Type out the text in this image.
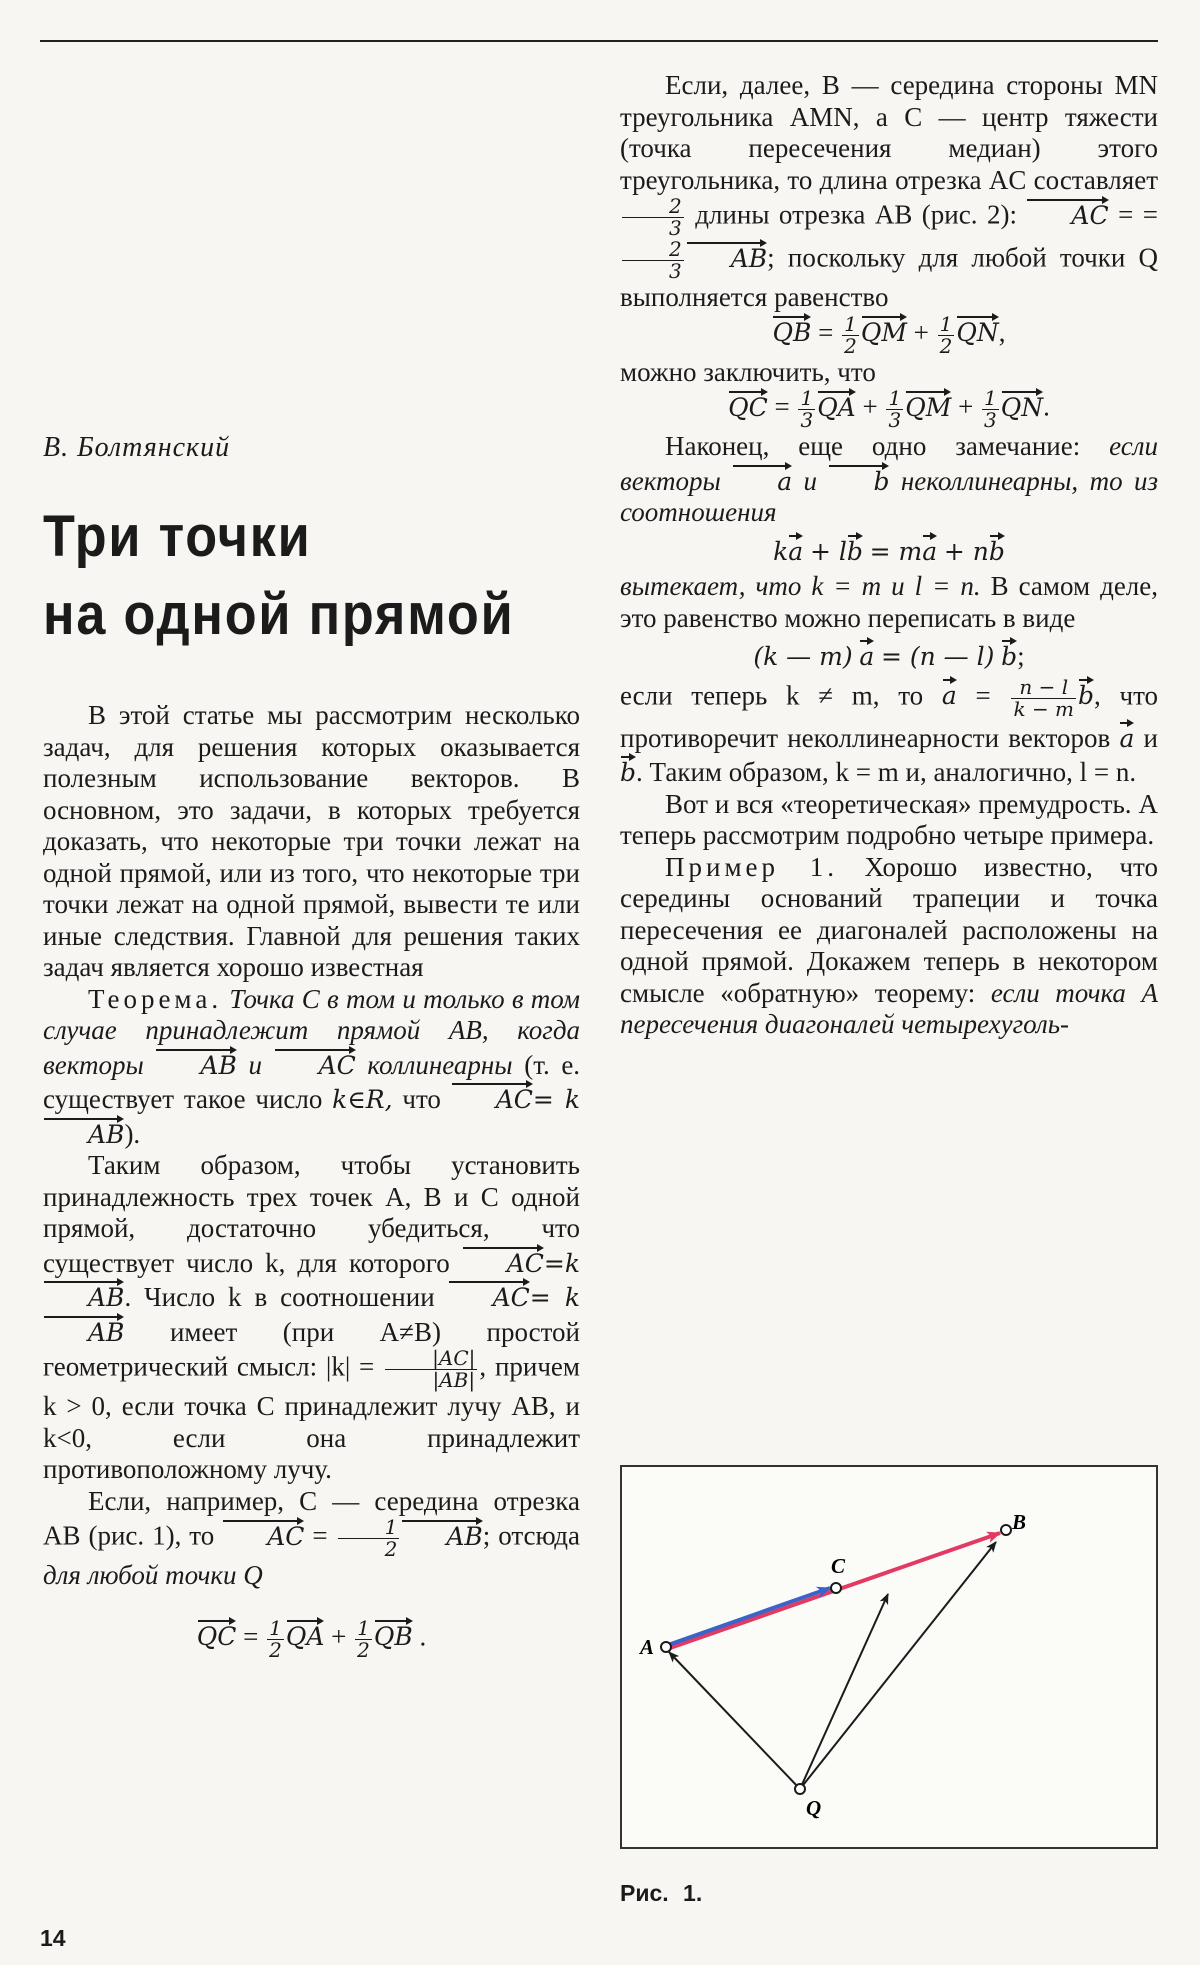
В. Болтянский
Три точки
на одной прямой

В этой статье мы рассмотрим несколько задач, для решения которых оказывается полезным использование векторов. В основном, это задачи, в которых требуется доказать, что некоторые три точки лежат на одной прямой, или из того, что некоторые три точки лежат на одной прямой, вывести те или иные следствия. Главной для решения таких задач является хорошо известная

Теорема. Точка C в том и только в том случае принадлежит прямой AB, когда векторы AB и AC коллинеарны (т. е. существует такое число k∈R, что AC= kAB).

Таким образом, чтобы установить принадлежность трех точек A, B и C одной прямой, достаточно убедиться, что существует число k, для которого AC=kAB. Число k в соотношении AC= k AB имеет (при A≠B) простой геометрический смысл: $|k| = \frac{|AC|}{|AB|}$ , причем k > 0, если точка C принадлежит лучу AB, и k<0, если она принадлежит противоположному лучу.

Если, например, C — середина отрезка AB (рис. 1), то AC = $\frac{1}{2}$ AB; отсюда для любой точки Q

QC = $\frac{1}{2}$ QA + $\frac{1}{2}$ QB .

Если, далее, B — середина стороны MN треугольника AMN, а C — центр тяжести (точка пересечения медиан) этого треугольника, то длина отрезка AC составляет
$\frac{2}{3}$ длины отрезка AB (рис. 2): AC = =
$\frac{2}{3}$ AB; поскольку для любой точки Q выполняется равенство

QB = $\frac{1}{2}$ QM + $\frac{1}{2}$ QN,

можно заключить, что

QC = $\frac{1}{3}$ QA + $\frac{1}{3}$ QM + $\frac{1}{3}$ QN.

Наконец, еще одно замечание: если векторы a и b неколлинеарны, то из соотношения

ka + lb = ma + nb

вытекает, что k = m и l = n. В самом деле, это равенство можно переписать в виде

(k — m) a = (n — l) b;

если теперь k ≠ m, то $a = \frac{n - l}{k - m} b$, что противоречит неколлинеарности векторов a и b. Таким образом, k = m и, аналогично, l = n.

Вот и вся «теоретическая» премудрость. А теперь рассмотрим подробно четыре примера.

Пример 1. Хорошо известно, что середины оснований трапеции и точка пересечения ее диагоналей расположены на одной прямой. Докажем теперь в некотором смысле «обратную» теорему: если точка A пересечения диагоналей четырехуголь-

A
C
B
Q
Рис. 1.
14
